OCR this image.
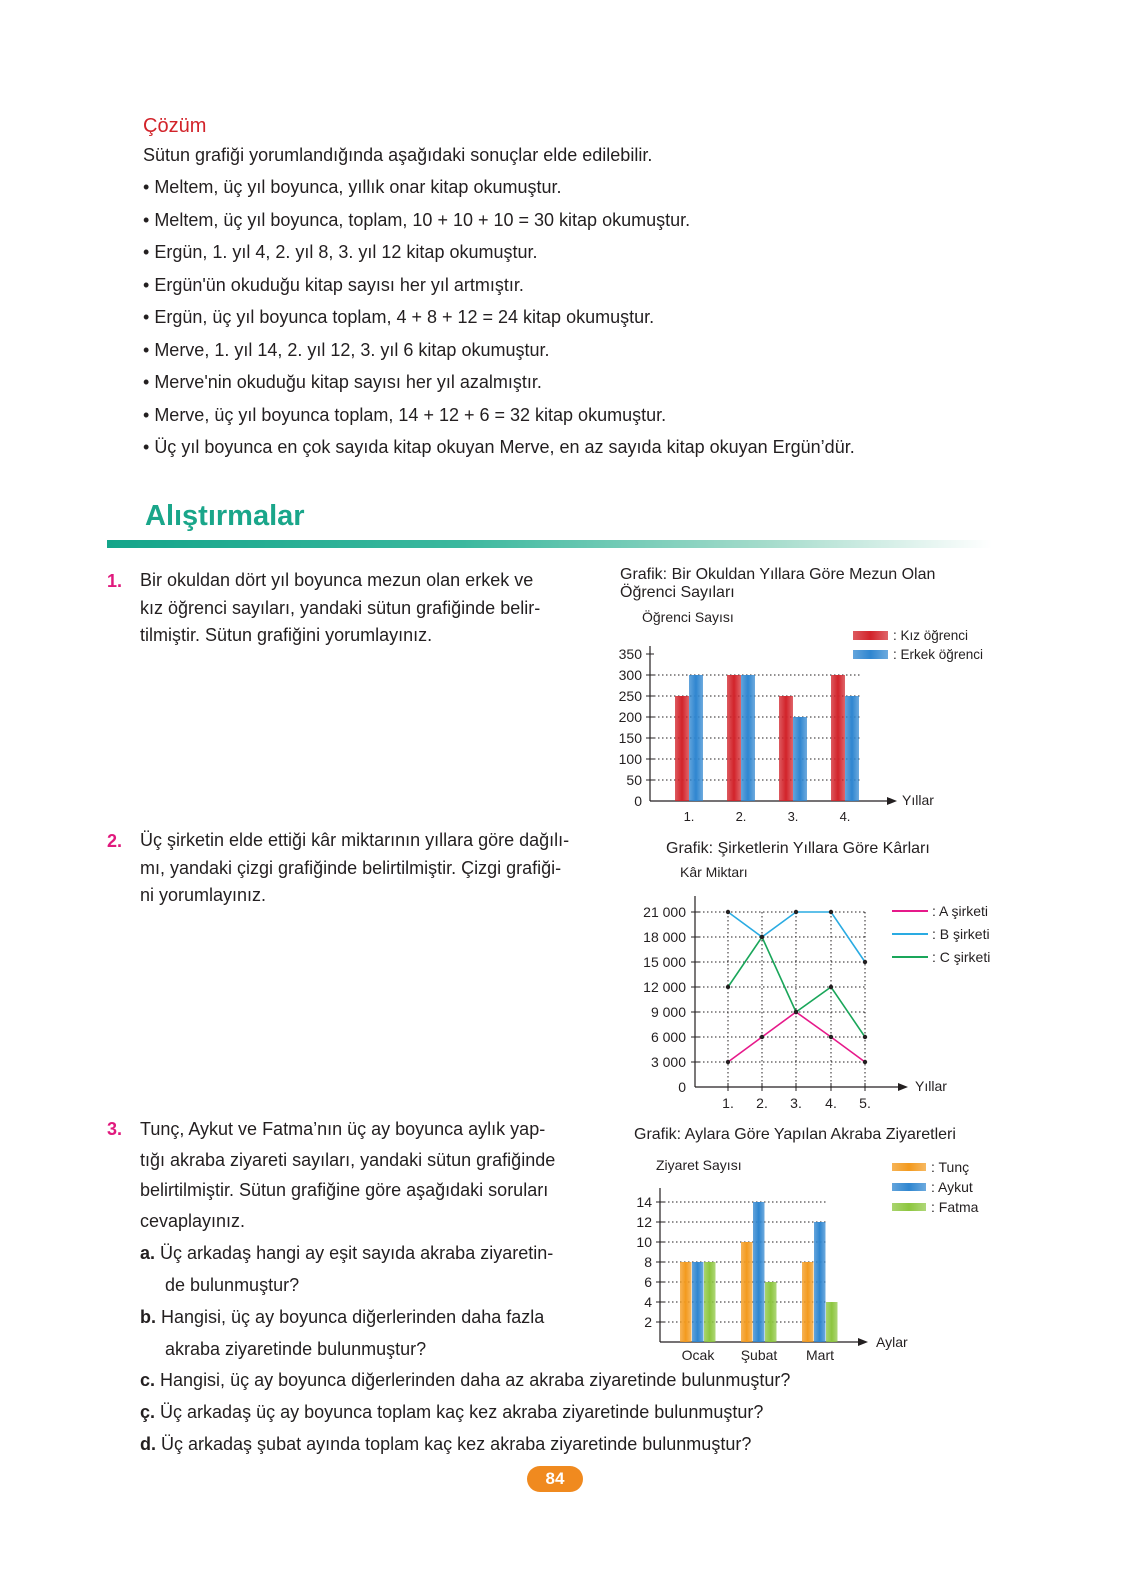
Çözüm
Sütun grafiği yorumlandığında aşağıdaki sonuçlar elde edilebilir.
• Meltem, üç yıl boyunca, yıllık onar kitap okumuştur.
• Meltem, üç yıl boyunca, toplam, 10 + 10 + 10 = 30 kitap okumuştur.
• Ergün, 1. yıl 4, 2. yıl 8, 3. yıl 12 kitap okumuştur.
• Ergün'ün okuduğu kitap sayısı her yıl artmıştır.
• Ergün, üç yıl boyunca toplam, 4 + 8 + 12 = 24 kitap okumuştur.
• Merve, 1. yıl 14, 2. yıl 12, 3. yıl 6 kitap okumuştur.
• Merve'nin okuduğu kitap sayısı her yıl azalmıştır.
• Merve, üç yıl boyunca toplam, 14 + 12 + 6 = 32 kitap okumuştur.
• Üç yıl boyunca en çok sayıda kitap okuyan Merve, en az sayıda kitap okuyan Ergün’dür.
Alıştırmalar
1. Bir okuldan dört yıl boyunca mezun olan erkek ve
kız öğrenci sayıları, yandaki sütun grafiğinde belir-
tilmiştir. Sütun grafiğini yorumlayınız.
2. Üç şirketin elde ettiği kâr miktarının yıllara göre dağılı-
mı, yandaki çizgi grafiğinde belirtilmiştir. Çizgi grafiği-
ni yorumlayınız.
3. Tunç, Aykut ve Fatma’nın üç ay boyunca aylık yap-
tığı akraba ziyareti sayıları, yandaki sütun grafiğinde
belirtilmiştir. Sütun grafiğine göre aşağıdaki soruları
cevaplayınız.
a. Üç arkadaş hangi ay eşit sayıda akraba ziyaretin-
de bulunmuştur?
b. Hangisi, üç ay boyunca diğerlerinden daha fazla
akraba ziyaretinde bulunmuştur?
c. Hangisi, üç ay boyunca diğerlerinden daha az akraba ziyaretinde bulunmuştur?
ç. Üç arkadaş üç ay boyunca toplam kaç kez akraba ziyaretinde bulunmuştur?
d. Üç arkadaş şubat ayında toplam kaç kez akraba ziyaretinde bulunmuştur?
Grafik: Bir Okuldan Yıllara Göre Mezun Olan
Öğrenci Sayıları
Öğrenci Sayısı
Yıllar
0
50
100
150
200
250
300
350
1.	2.	3.	4.
: Kız öğrenci
: Erkek öğrenci
Grafik: Şirketlerin Yıllara Göre Kârları
Kâr Miktarı
Yıllar
0
3 000
6 000
9 000
12 000
15 000
18 000
21 000
1. 2. 3. 4. 5.
: A şirketi
: B şirketi
: C şirketi
Grafik: Aylara Göre Yapılan Akraba Ziyaretleri
Ziyaret Sayısı
Aylar
2
4
6
8
10
12
14
Ocak Şubat Mart
: Tunç
: Aykut
: Fatma
84
